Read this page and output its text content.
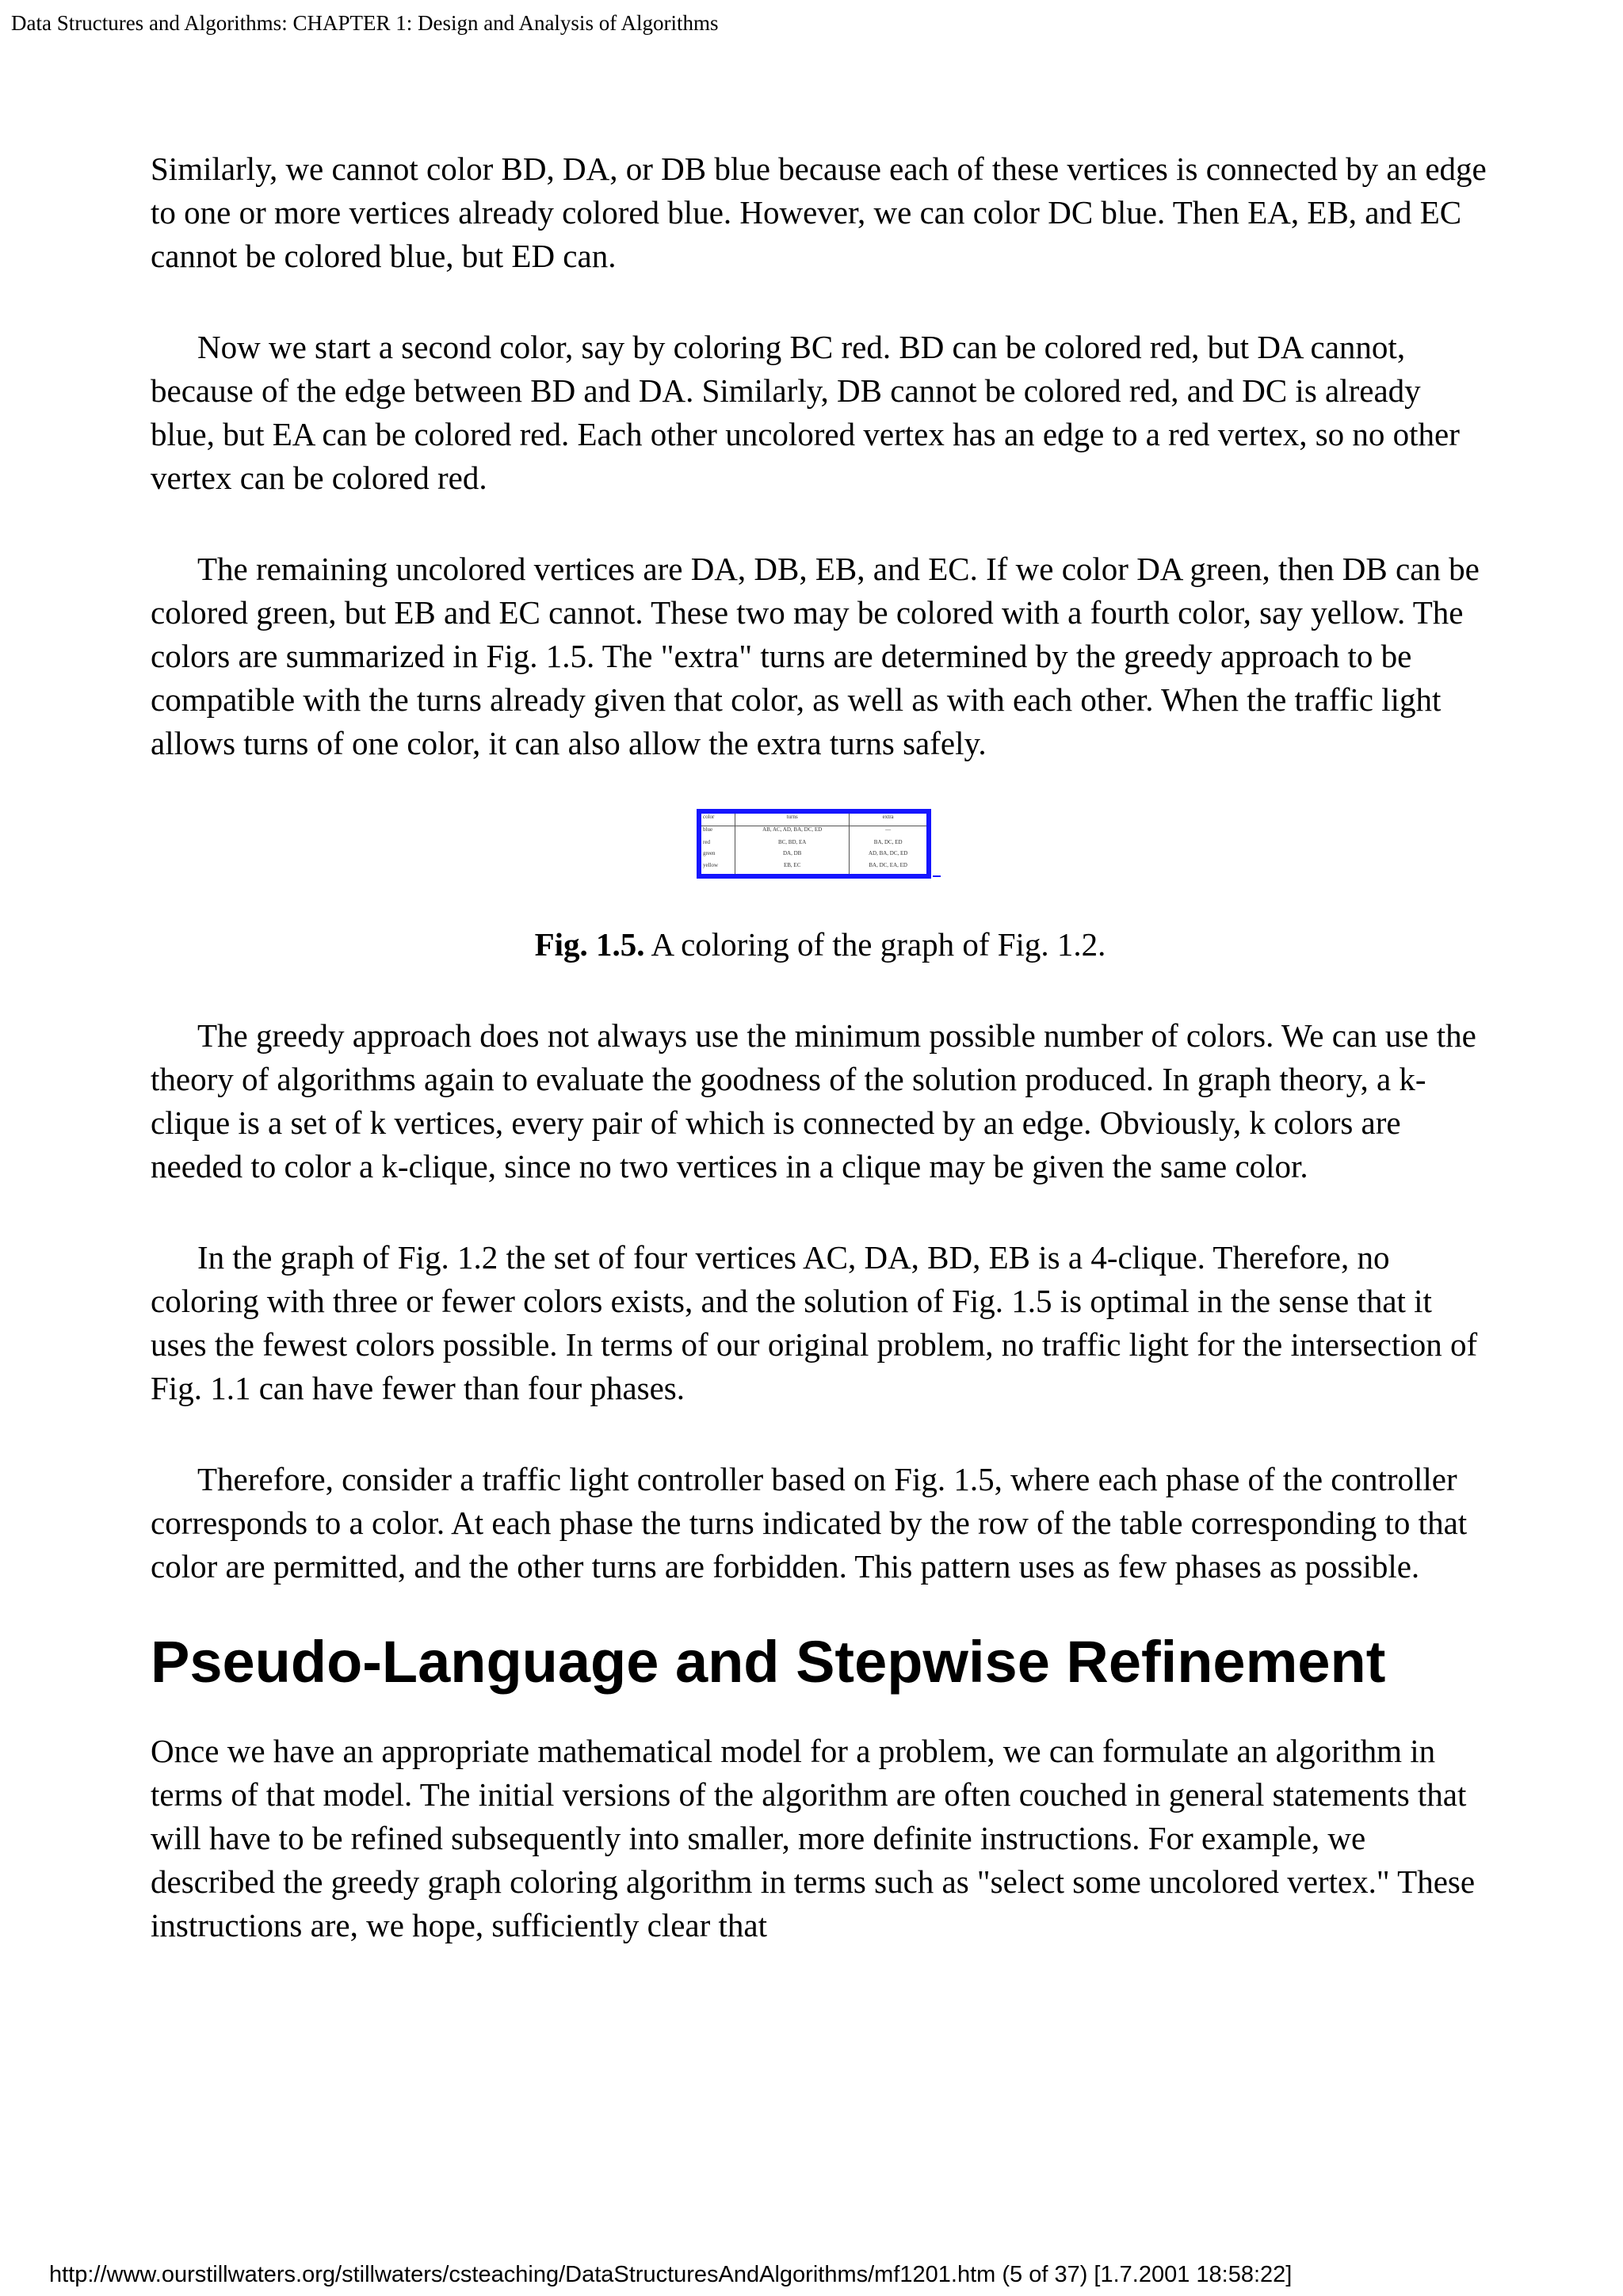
Data Structures and Algorithms: CHAPTER 1: Design and Analysis of Algorithms

Similarly, we cannot color BD, DA, or DB blue because each of these vertices is connected by an edge to one or more vertices already colored blue. However, we can color DC blue. Then EA, EB, and EC cannot be colored blue, but ED can.

Now we start a second color, say by coloring BC red. BD can be colored red, but DA cannot, because of the edge between BD and DA. Similarly, DB cannot be colored red, and DC is already blue, but EA can be colored red. Each other uncolored vertex has an edge to a red vertex, so no other vertex can be colored red.

The remaining uncolored vertices are DA, DB, EB, and EC. If we color DA green, then DB can be colored green, but EB and EC cannot. These two may be colored with a fourth color, say yellow. The colors are summarized in Fig. 1.5. The "extra" turns are determined by the greedy approach to be compatible with the turns already given that color, as well as with each other. When the traffic light allows turns of one color, it can also allow the extra turns safely.

color	turns	extra
blue	AB, AC, AD, BA, DC, ED	—
red	BC, BD, EA	BA, DC, ED
green	DA, DB	AD, BA, DC, ED
yellow	EB, EC	BA, DC, EA, ED

Fig. 1.5. A coloring of the graph of Fig. 1.2.

The greedy approach does not always use the minimum possible number of colors. We can use the theory of algorithms again to evaluate the goodness of the solution produced. In graph theory, a k-clique is a set of k vertices, every pair of which is connected by an edge. Obviously, k colors are needed to color a k-clique, since no two vertices in a clique may be given the same color.

In the graph of Fig. 1.2 the set of four vertices AC, DA, BD, EB is a 4-clique. Therefore, no coloring with three or fewer colors exists, and the solution of Fig. 1.5 is optimal in the sense that it uses the fewest colors possible. In terms of our original problem, no traffic light for the intersection of Fig. 1.1 can have fewer than four phases.

Therefore, consider a traffic light controller based on Fig. 1.5, where each phase of the controller corresponds to a color. At each phase the turns indicated by the row of the table corresponding to that color are permitted, and the other turns are forbidden. This pattern uses as few phases as possible.

Pseudo-Language and Stepwise Refinement

Once we have an appropriate mathematical model for a problem, we can formulate an algorithm in terms of that model. The initial versions of the algorithm are often couched in general statements that will have to be refined subsequently into smaller, more definite instructions. For example, we described the greedy graph coloring algorithm in terms such as "select some uncolored vertex." These instructions are, we hope, sufficiently clear that

http://www.ourstillwaters.org/stillwaters/csteaching/DataStructuresAndAlgorithms/mf1201.htm (5 of 37) [1.7.2001 18:58:22]
